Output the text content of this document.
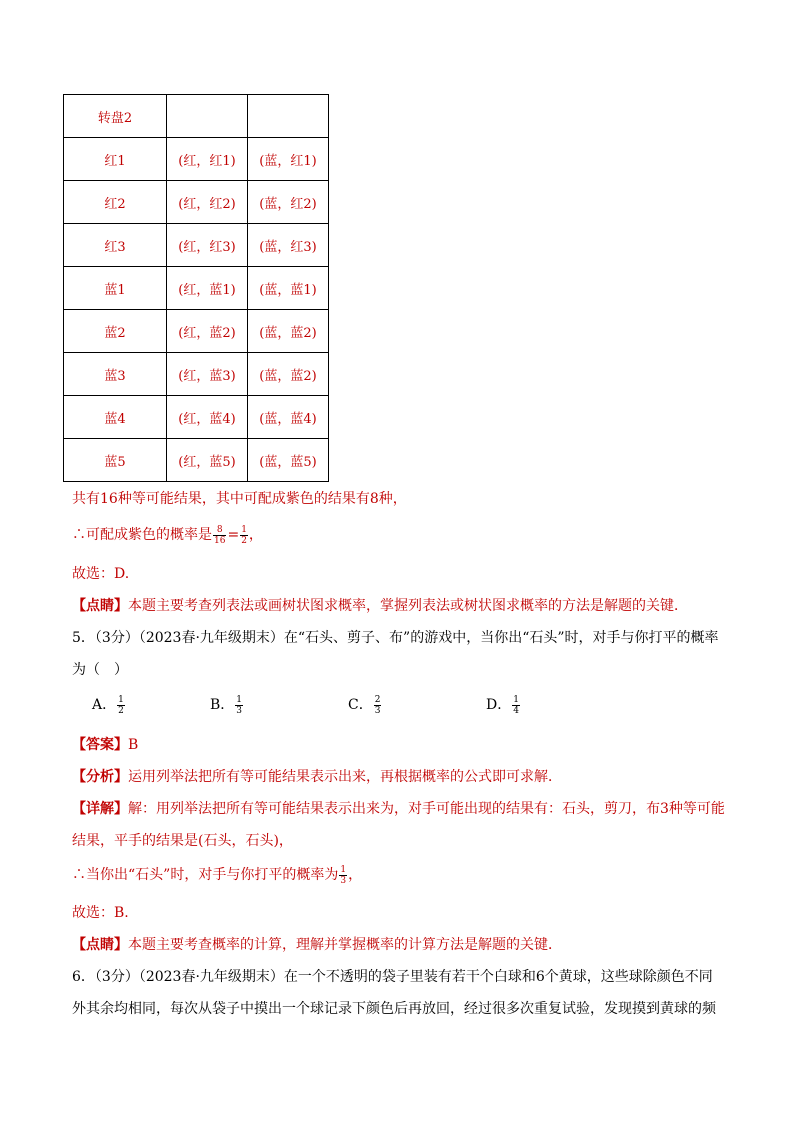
转盘2		
红1	(红，红1)	(蓝，红1)
红2	(红，红2)	(蓝，红2)
红3	(红，红3)	(蓝，红3)
蓝1	(红，蓝1)	(蓝，蓝1)
蓝2	(红，蓝2)	(蓝，蓝2)
蓝3	(红，蓝3)	(蓝，蓝2)
蓝4	(红，蓝4)	(蓝，蓝4)
蓝5	(红，蓝5)	(蓝，蓝5)
共有16种等可能结果，其中可配成紫色的结果有8种，
∴可配成紫色的概率是 $\frac{8}{16} = \frac{1}{2}$ ，
故选：D.
【点睛】本题主要考查列表法或画树状图求概率，掌握列表法或树状图求概率的方法是解题的关键．
5．（3分）（2023春·九年级期末）在“石头、剪子、布”的游戏中，当你出“石头”时，对手与你打平的概率
为（　）
A． $\frac{1}{2}$	B． $\frac{1}{3}$	C． $\frac{2}{3}$	D． $\frac{1}{4}$
【答案】B
【分析】运用列举法把所有等可能结果表示出来，再根据概率的公式即可求解．
【详解】解：用列举法把所有等可能结果表示出来为，对手可能出现的结果有：石头，剪刀，布3种等可能
结果，平手的结果是(石头，石头)，
∴当你出“石头”时，对手与你打平的概率为 $\frac{1}{3}$ ，
故选：B.
【点睛】本题主要考查概率的计算，理解并掌握概率的计算方法是解题的关键．
6．（3分）（2023春·九年级期末）在一个不透明的袋子里装有若干个白球和6个黄球，这些球除颜色不同
外其余均相同，每次从袋子中摸出一个球记录下颜色后再放回，经过很多次重复试验，发现摸到黄球的频
